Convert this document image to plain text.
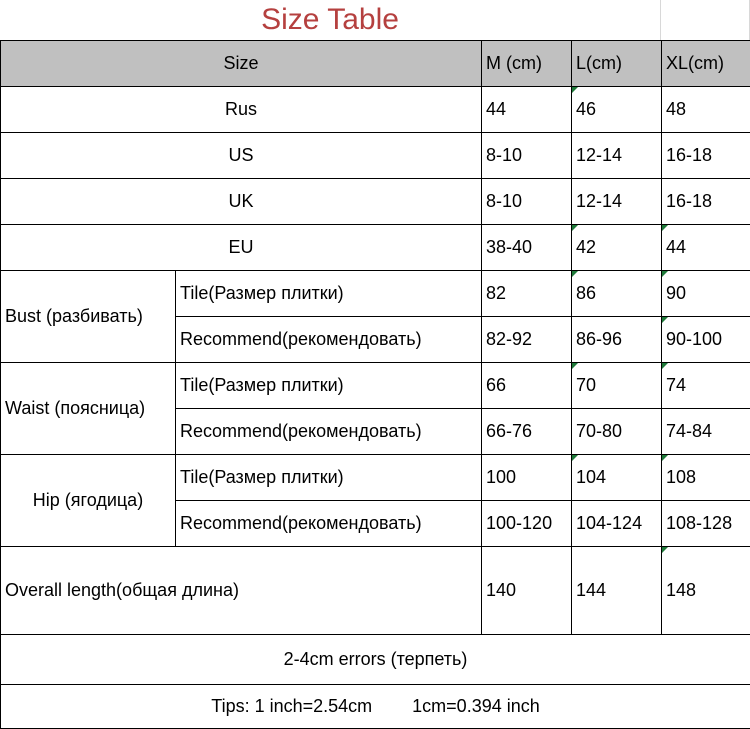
Size Table
Size		M (cm)	L(cm)	XL(cm)
Rus		44	46	48
US		8-10	12-14	16-18
UK		8-10	12-14	16-18
EU		38-40	42	44
Bust (разбивать)	Tile(Размер плитки)	82	86	90
	Recommend(рекомендовать)	82-92	86-96	90-100
Waist (поясница)	Tile(Размер плитки)	66	70	74
	Recommend(рекомендовать)	66-76	70-80	74-84
Hip (ягодица)	Tile(Размер плитки)	100	104	108
	Recommend(рекомендовать)	100-120	104-124	108-128
Overall length(общая длина)		140	144	148
2-4cm errors (терпеть)				
Tips: 1 inch=2.54cm        1cm=0.394 inch				
